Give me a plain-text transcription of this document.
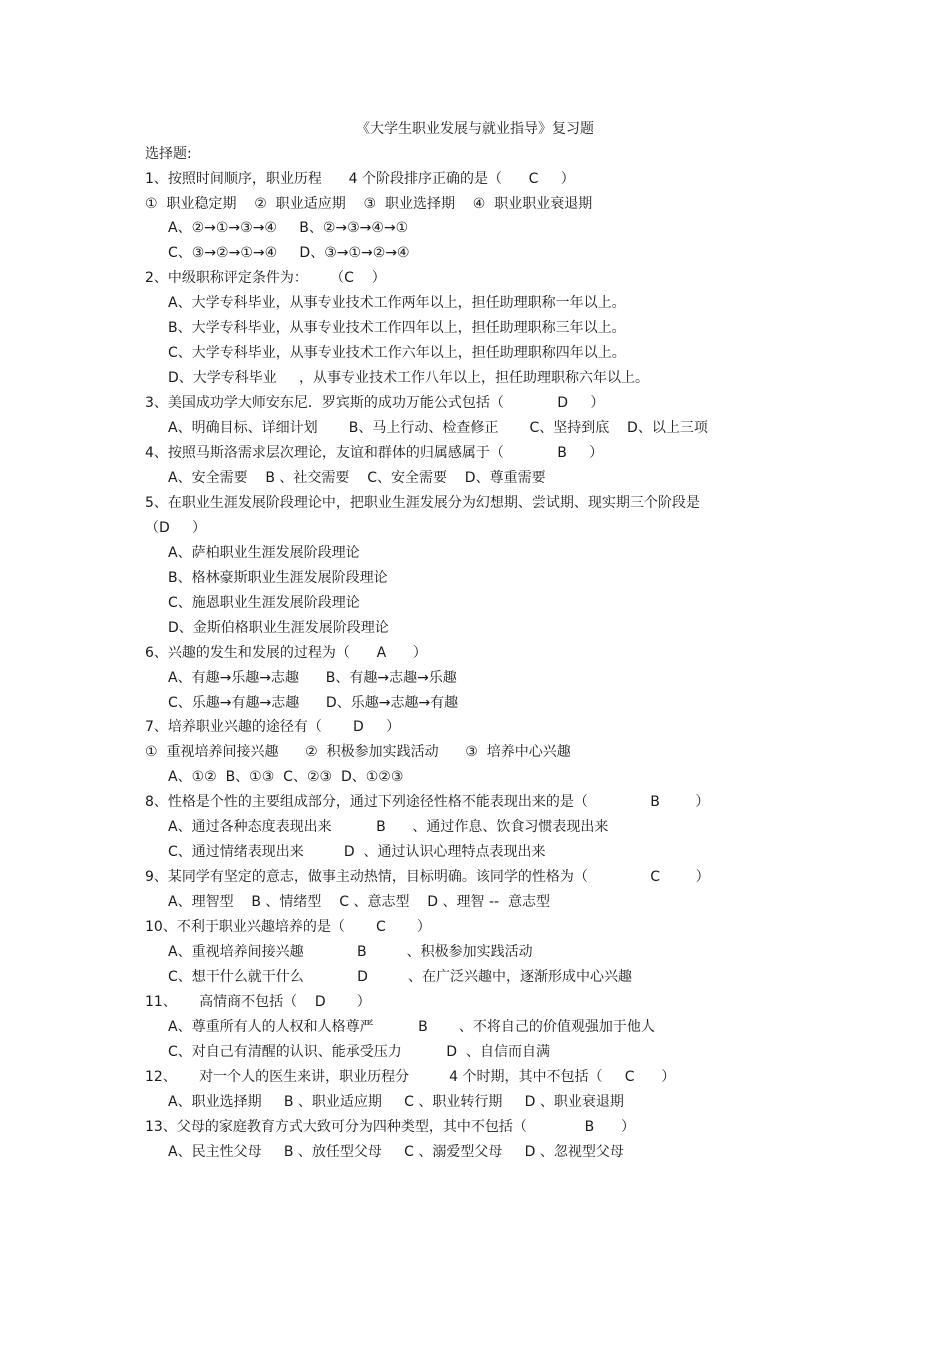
《大学生职业发展与就业指导》复习题
选择题:
1、按照时间顺序，职业历程      4 个阶段排序正确的是（      C     ）
①  职业稳定期    ②  职业适应期    ③  职业选择期    ④  职业职业衰退期
A、②→①→③→④     B、②→③→④→①
C、③→②→①→④     D、③→①→②→④
2、中级职称评定条件为：     （C    ）
A、大学专科毕业，从事专业技术工作两年以上，担任助理职称一年以上。
B、大学专科毕业，从事专业技术工作四年以上，担任助理职称三年以上。
C、大学专科毕业，从事专业技术工作六年以上，担任助理职称四年以上。
D、大学专科毕业     ，从事专业技术工作八年以上，担任助理职称六年以上。
3、美国成功学大师安东尼．罗宾斯的成功万能公式包括（            D     ）
A、明确目标、详细计划       B、马上行动、检查修正       C、坚持到底    D、以上三项
4、按照马斯洛需求层次理论，友谊和群体的归属感属于（            B     ）
A、安全需要    B 、社交需要    C、安全需要    D、尊重需要
5、在职业生涯发展阶段理论中，把职业生涯发展分为幻想期、尝试期、现实期三个阶段是
（D     ）
A、萨柏职业生涯发展阶段理论
B、格林豪斯职业生涯发展阶段理论
C、施恩职业生涯发展阶段理论
D、金斯伯格职业生涯发展阶段理论
6、兴趣的发生和发展的过程为（      A      ）
A、有趣→乐趣→志趣      B、有趣→志趣→乐趣
C、乐趣→有趣→志趣      D、乐趣→志趣→有趣
7、培养职业兴趣的途径有（       D     ）
①  重视培养间接兴趣      ②  积极参加实践活动      ③  培养中心兴趣
A、①②  B、①③  C、②③  D、①②③
8、性格是个性的主要组成部分，通过下列途径性格不能表现出来的是（              B        ）
A、通过各种态度表现出来          B      、通过作息、饮食习惯表现出来
C、通过情绪表现出来         D  、通过认识心理特点表现出来
9、某同学有坚定的意志，做事主动热情，目标明确。该同学的性格为（              C        ）
A、理智型    B 、情绪型    C 、意志型    D 、理智 --  意志型
10、不利于职业兴趣培养的是（       C       ）
A、重视培养间接兴趣            B         、积极参加实践活动
C、想干什么就干什么            D         、在广泛兴趣中，逐渐形成中心兴趣
11、     高情商不包括（    D       ）
A、尊重所有人的人权和人格尊严          B       、不将自己的价值观强加于他人
C、对自己有清醒的认识、能承受压力          D  、自信而自满
12、     对一个人的医生来讲，职业历程分         4 个时期，其中不包括（     C      ）
A、职业选择期     B 、职业适应期     C 、职业转行期     D 、职业衰退期
13、父母的家庭教育方式大致可分为四种类型，其中不包括（             B      ）
A、民主性父母     B 、放任型父母     C 、溺爱型父母     D 、忽视型父母
